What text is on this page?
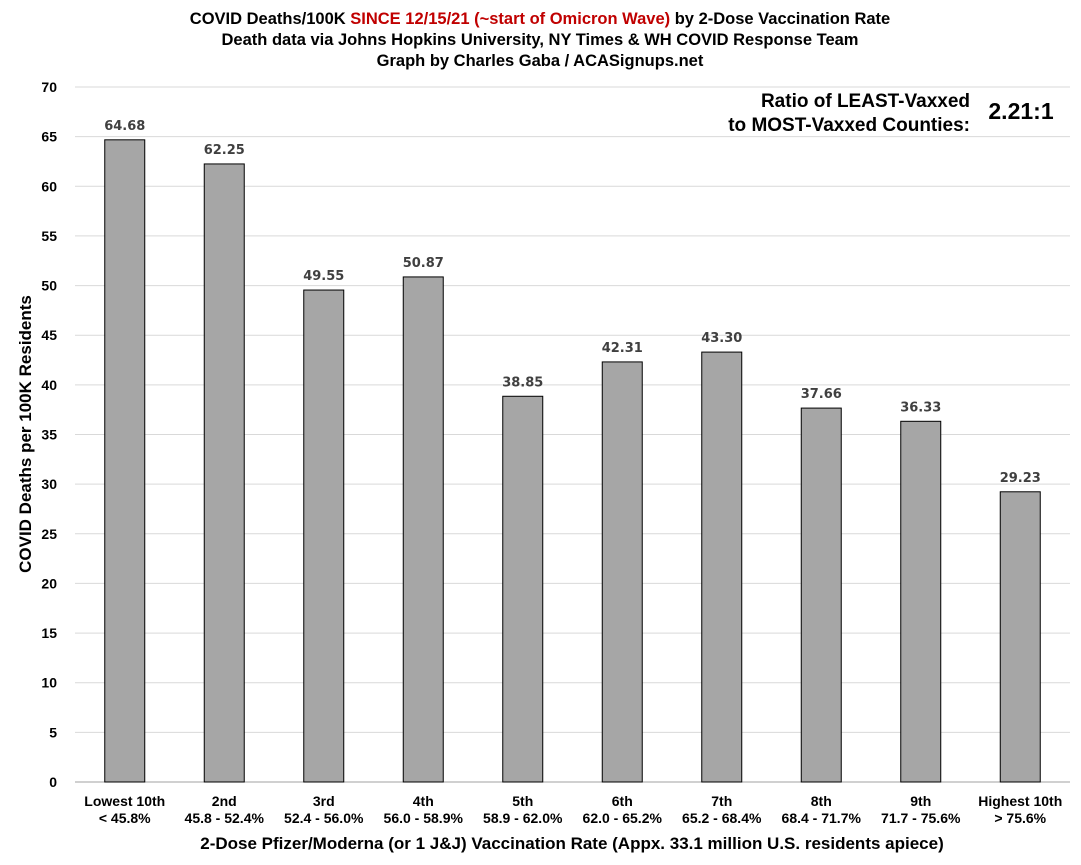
COVID Deaths/100K SINCE 12/15/21 (~start of Omicron Wave) by 2-Dose Vaccination Rate
Death data via Johns Hopkins University, NY Times & WH COVID Response Team
Graph by Charles Gaba / ACASignups.net
0
5
10
15
20
25
30
35
40
45
50
55
60
65
70
64.68
62.25
49.55
50.87
38.85
42.31
43.30
37.66
36.33
29.23
Lowest 10th
< 45.8%
2nd
45.8 - 52.4%
3rd
52.4 - 56.0%
4th
56.0 - 58.9%
5th
58.9 - 62.0%
6th
62.0 - 65.2%
7th
65.2 - 68.4%
8th
68.4 - 71.7%
9th
71.7 - 75.6%
Highest 10th
> 75.6%
COVID Deaths per 100K Residents
2-Dose Pfizer/Moderna (or 1 J&J) Vaccination Rate (Appx. 33.1 million U.S. residents apiece)
Ratio of LEAST-Vaxxed
to MOST-Vaxxed Counties:
2.21:1
